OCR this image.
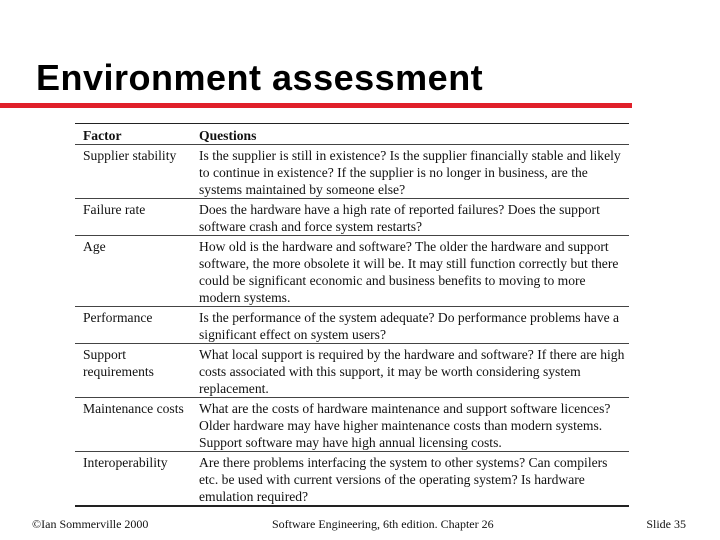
Environment assessment
Factor	Questions
Supplier stability	Is the supplier is still in existence? Is the supplier financially stable and likely to continue in existence? If the supplier is no longer in business, are the systems maintained by someone else?
Failure rate	Does the hardware have a high rate of reported failures? Does the support software crash and force system restarts?
Age	How old is the hardware and software? The older the hardware and support software, the more obsolete it will be. It may still function correctly but there could be significant economic and business benefits to moving to more modern systems.
Performance	Is the performance of the system adequate? Do performance problems have a significant effect on system users?
Support requirements	What local support is required by the hardware and software? If there are high costs associated with this support, it may be worth considering system replacement.
Maintenance costs	What are the costs of hardware maintenance and support software licences? Older hardware may have higher maintenance costs than modern systems. Support software may have high annual licensing costs.
Interoperability	Are there problems interfacing the system to other systems? Can compilers etc. be used with current versions of the operating system? Is hardware emulation required?
©Ian Sommerville 2000	Software Engineering, 6th edition. Chapter 26	Slide 35
